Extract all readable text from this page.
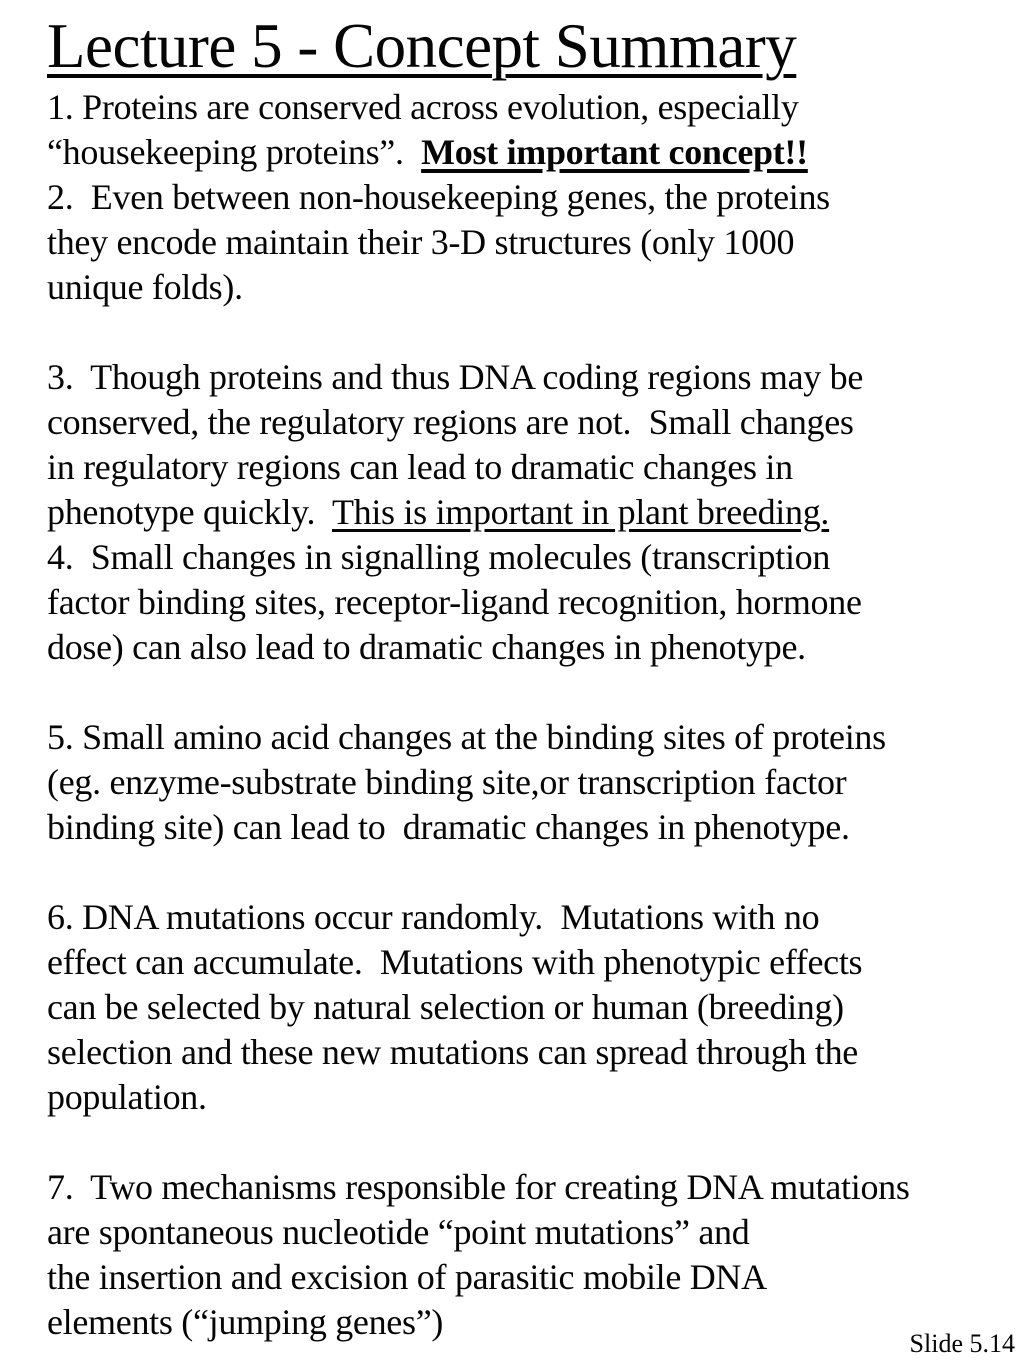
Lecture 5 - Concept Summary
1. Proteins are conserved across evolution, especially
“housekeeping proteins”.  Most important concept!!
2.  Even between non-housekeeping genes, the proteins
they encode maintain their 3-D structures (only 1000
unique folds).
3.  Though proteins and thus DNA coding regions may be
conserved, the regulatory regions are not.  Small changes
in regulatory regions can lead to dramatic changes in
phenotype quickly.  This is important in plant breeding.
4.  Small changes in signalling molecules (transcription
factor binding sites, receptor-ligand recognition, hormone
dose) can also lead to dramatic changes in phenotype.
5. Small amino acid changes at the binding sites of proteins
(eg. enzyme-substrate binding site,or transcription factor
binding site) can lead to  dramatic changes in phenotype.
6. DNA mutations occur randomly.  Mutations with no
effect can accumulate.  Mutations with phenotypic effects
can be selected by natural selection or human (breeding)
selection and these new mutations can spread through the
population.
7.  Two mechanisms responsible for creating DNA mutations
are spontaneous nucleotide “point mutations” and
the insertion and excision of parasitic mobile DNA
elements (“jumping genes”)
Slide 5.14
